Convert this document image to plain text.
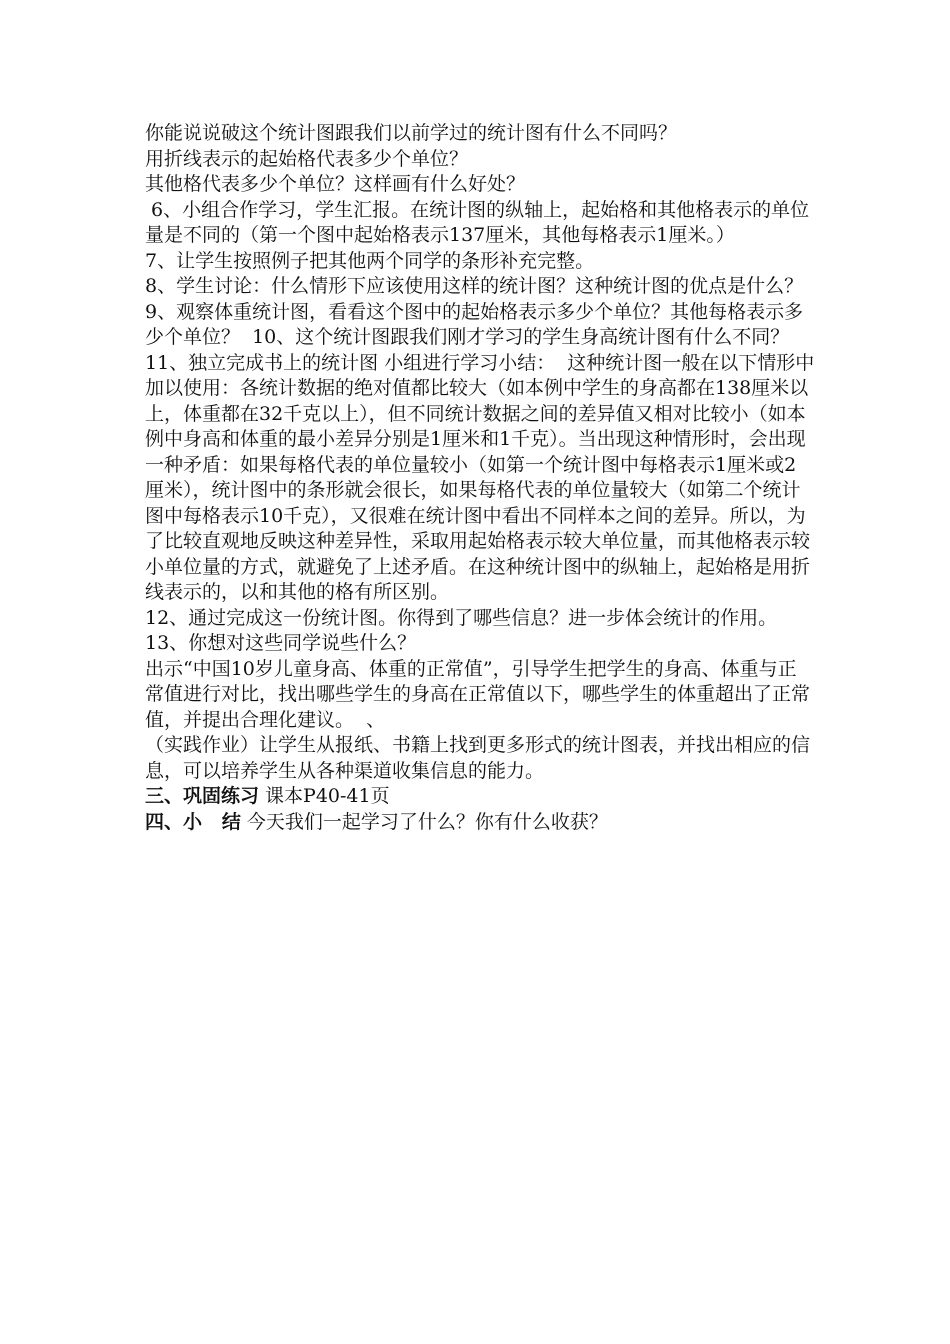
你能说说破这个统计图跟我们以前学过的统计图有什么不同吗？

用折线表示的起始格代表多少个单位？

其他格代表多少个单位？这样画有什么好处？

6、小组合作学习，学生汇报。在统计图的纵轴上，起始格和其他格表示的单位量是不同的（第一个图中起始格表示137厘米，其他每格表示1厘米。）

7、让学生按照例子把其他两个同学的条形补充完整。

8、学生讨论：什么情形下应该使用这样的统计图？这种统计图的优点是什么？

9、观察体重统计图，看看这个图中的起始格表示多少个单位？其他每格表示多少个单位？  10、这个统计图跟我们刚才学习的学生身高统计图有什么不同？

11、独立完成书上的统计图 小组进行学习小结：  这种统计图一般在以下情形中加以使用：各统计数据的绝对值都比较大（如本例中学生的身高都在138厘米以上，体重都在32千克以上），但不同统计数据之间的差异值又相对比较小（如本例中身高和体重的最小差异分别是1厘米和1千克）。当出现这种情形时，会出现一种矛盾：如果每格代表的单位量较小（如第一个统计图中每格表示1厘米或2厘米），统计图中的条形就会很长，如果每格代表的单位量较大（如第二个统计图中每格表示10千克），又很难在统计图中看出不同样本之间的差异。所以，为了比较直观地反映这种差异性，采取用起始格表示较大单位量，而其他格表示较小单位量的方式，就避免了上述矛盾。在这种统计图中的纵轴上，起始格是用折线表示的，以和其他的格有所区别。

12、通过完成这一份统计图。你得到了哪些信息？进一步体会统计的作用。

13、你想对这些同学说些什么？

出示“中国10岁儿童身高、体重的正常值”，引导学生把学生的身高、体重与正常值进行对比，找出哪些学生的身高在正常值以下，哪些学生的体重超出了正常值，并提出合理化建议。  、

（实践作业）让学生从报纸、书籍上找到更多形式的统计图表，并找出相应的信息，可以培养学生从各种渠道收集信息的能力。

三、巩固练习 课本P40-41页

四、小   结 今天我们一起学习了什么？你有什么收获？
